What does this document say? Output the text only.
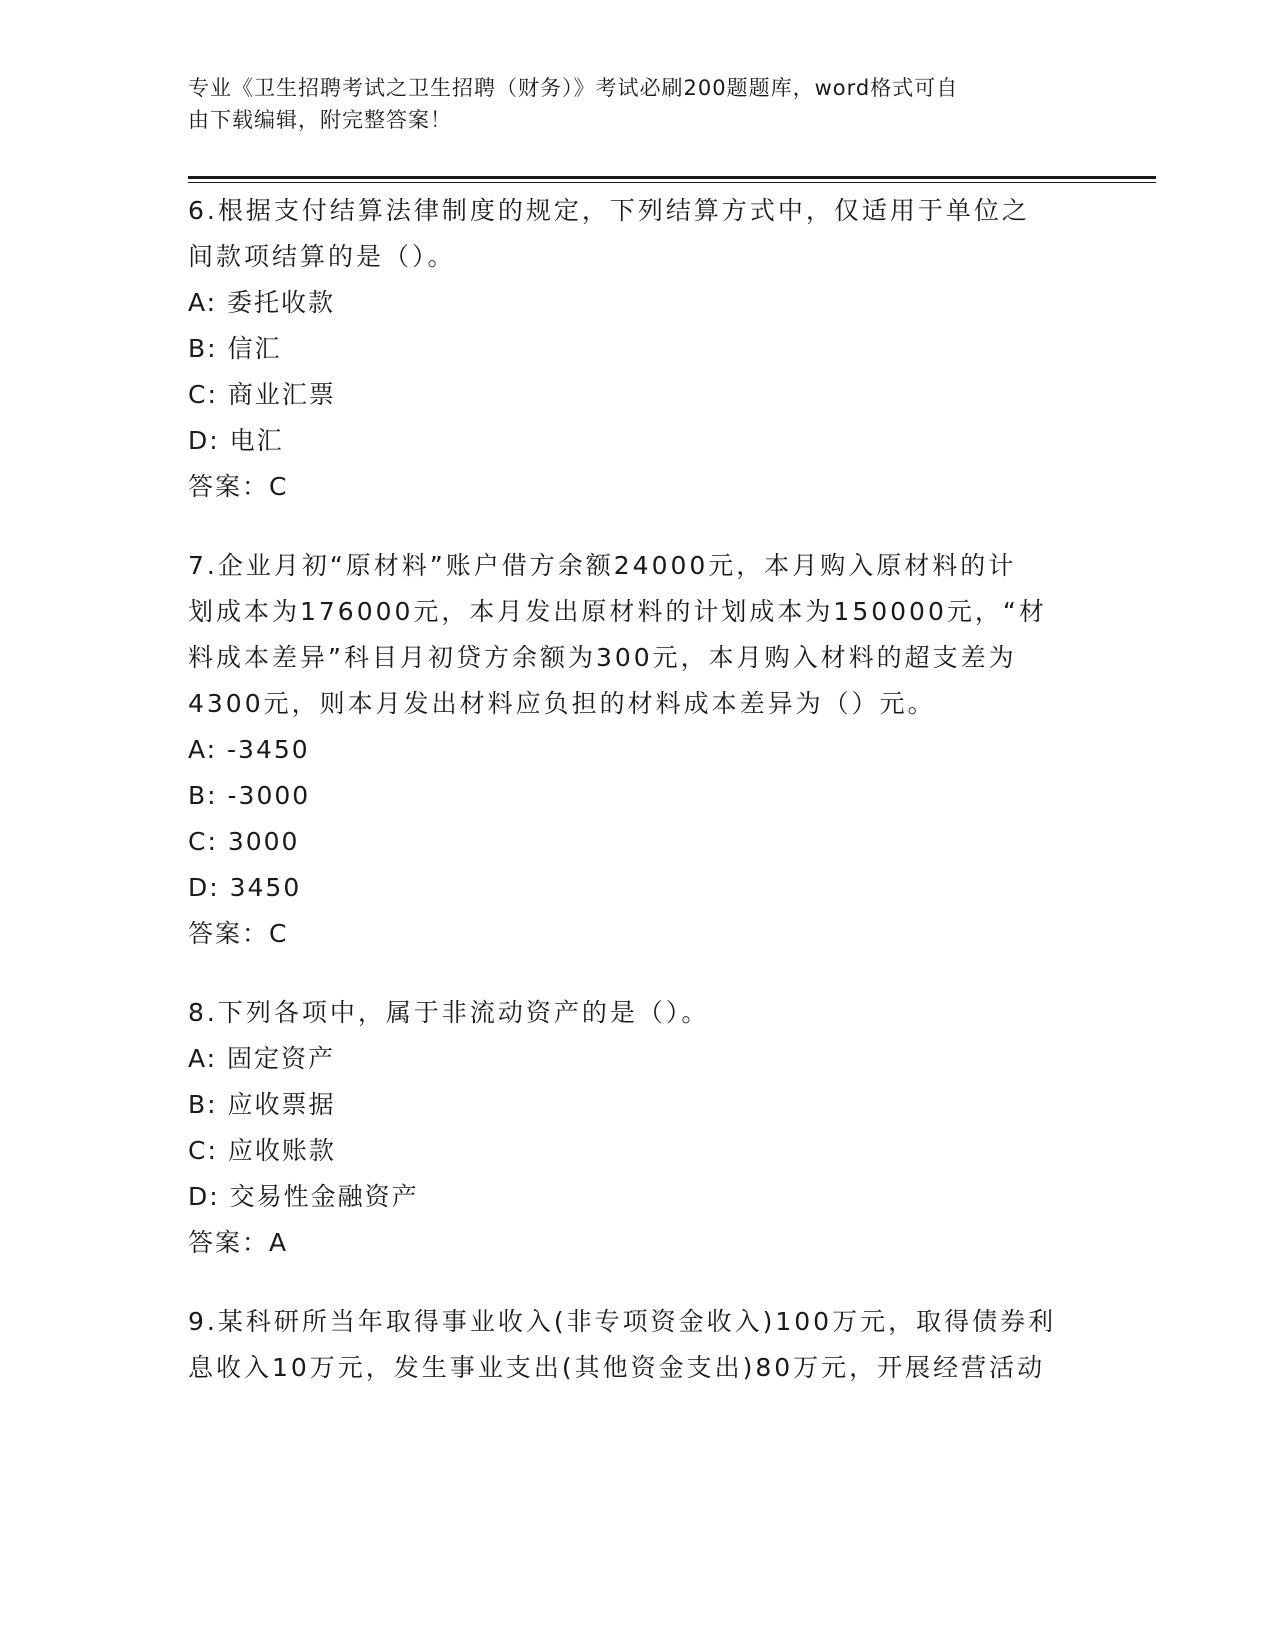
专业《卫生招聘考试之卫生招聘（财务）》考试必刷200题题库，word格式可自
由下载编辑，附完整答案！
6.根据支付结算法律制度的规定，下列结算方式中，仅适用于单位之
间款项结算的是（）。
A: 委托收款
B: 信汇
C: 商业汇票
D: 电汇
答案：C
7.企业月初“原材料”账户借方余额24000元，本月购入原材料的计
划成本为176000元，本月发出原材料的计划成本为150000元，“材
料成本差异”科目月初贷方余额为300元，本月购入材料的超支差为
4300元，则本月发出材料应负担的材料成本差异为（）元。
A: -3450
B: -3000
C: 3000
D: 3450
答案：C
8.下列各项中，属于非流动资产的是（）。
A: 固定资产
B: 应收票据
C: 应收账款
D: 交易性金融资产
答案：A
9.某科研所当年取得事业收入(非专项资金收入)100万元，取得债券利
息收入10万元，发生事业支出(其他资金支出)80万元，开展经营活动
